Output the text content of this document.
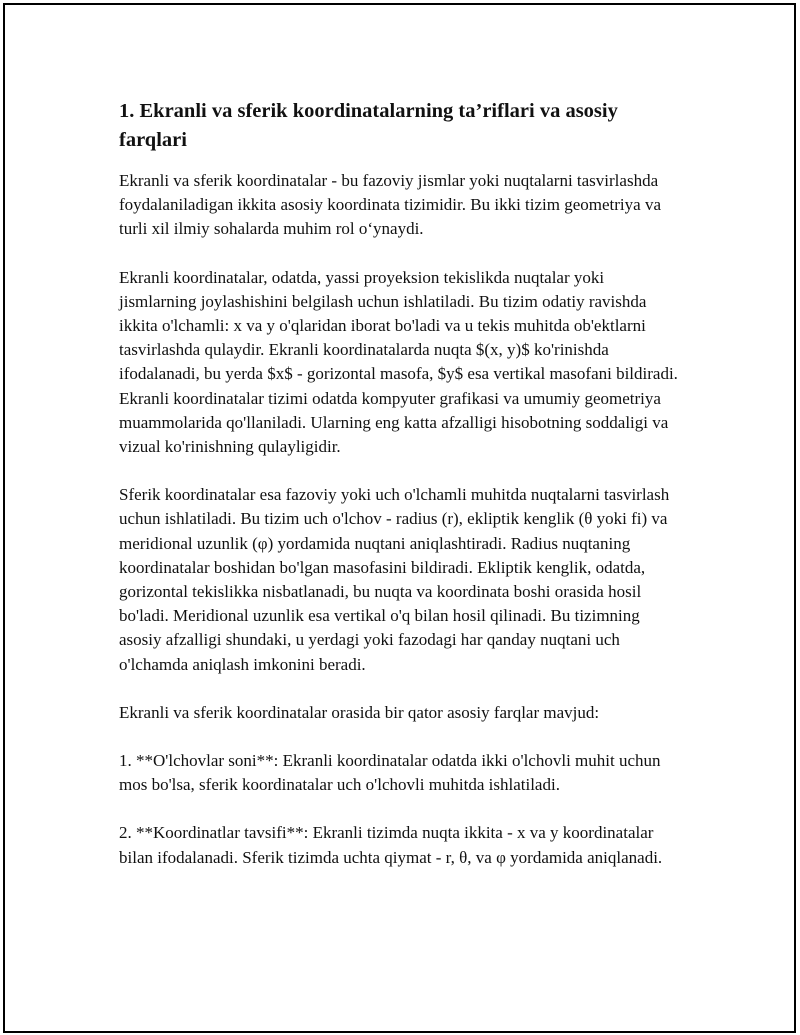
1. Ekranli va sferik koordinatalarning ta’riflari va asosiy farqlari

Ekranli va sferik koordinatalar - bu fazoviy jismlar yoki nuqtalarni tasvirlashda foydalaniladigan ikkita asosiy koordinata tizimidir. Bu ikki tizim geometriya va turli xil ilmiy sohalarda muhim rol o‘ynaydi.

Ekranli koordinatalar, odatda, yassi proyeksion tekislikda nuqtalar yoki jismlarning joylashishini belgilash uchun ishlatiladi. Bu tizim odatiy ravishda ikkita o'lchamli: x va y o'qlaridan iborat bo'ladi va u tekis muhitda ob'ektlarni tasvirlashda qulaydir. Ekranli koordinatalarda nuqta $(x, y)$ ko'rinishda ifodalanadi, bu yerda $x$ - gorizontal masofa, $y$ esa vertikal masofani bildiradi. Ekranli koordinatalar tizimi odatda kompyuter grafikasi va umumiy geometriya muammolarida qo'llaniladi. Ularning eng katta afzalligi hisobotning soddaligi va vizual ko'rinishning qulayligidir.

Sferik koordinatalar esa fazoviy yoki uch o'lchamli muhitda nuqtalarni tasvirlash uchun ishlatiladi. Bu tizim uch o'lchov - radius (r), ekliptik kenglik (θ yoki fi) va meridional uzunlik (φ) yordamida nuqtani aniqlashtiradi. Radius nuqtaning koordinatalar boshidan bo'lgan masofasini bildiradi. Ekliptik kenglik, odatda, gorizontal tekislikka nisbatlanadi, bu nuqta va koordinata boshi orasida hosil bo'ladi. Meridional uzunlik esa vertikal o'q bilan hosil qilinadi. Bu tizimning asosiy afzalligi shundaki, u yerdagi yoki fazodagi har qanday nuqtani uch o'lchamda aniqlash imkonini beradi.

Ekranli va sferik koordinatalar orasida bir qator asosiy farqlar mavjud:

1. **O'lchovlar soni**: Ekranli koordinatalar odatda ikki o'lchovli muhit uchun mos bo'lsa, sferik koordinatalar uch o'lchovli muhitda ishlatiladi.

2. **Koordinatlar tavsifi**: Ekranli tizimda nuqta ikkita - x va y koordinatalar bilan ifodalanadi. Sferik tizimda uchta qiymat - r, θ, va φ yordamida aniqlanadi.
